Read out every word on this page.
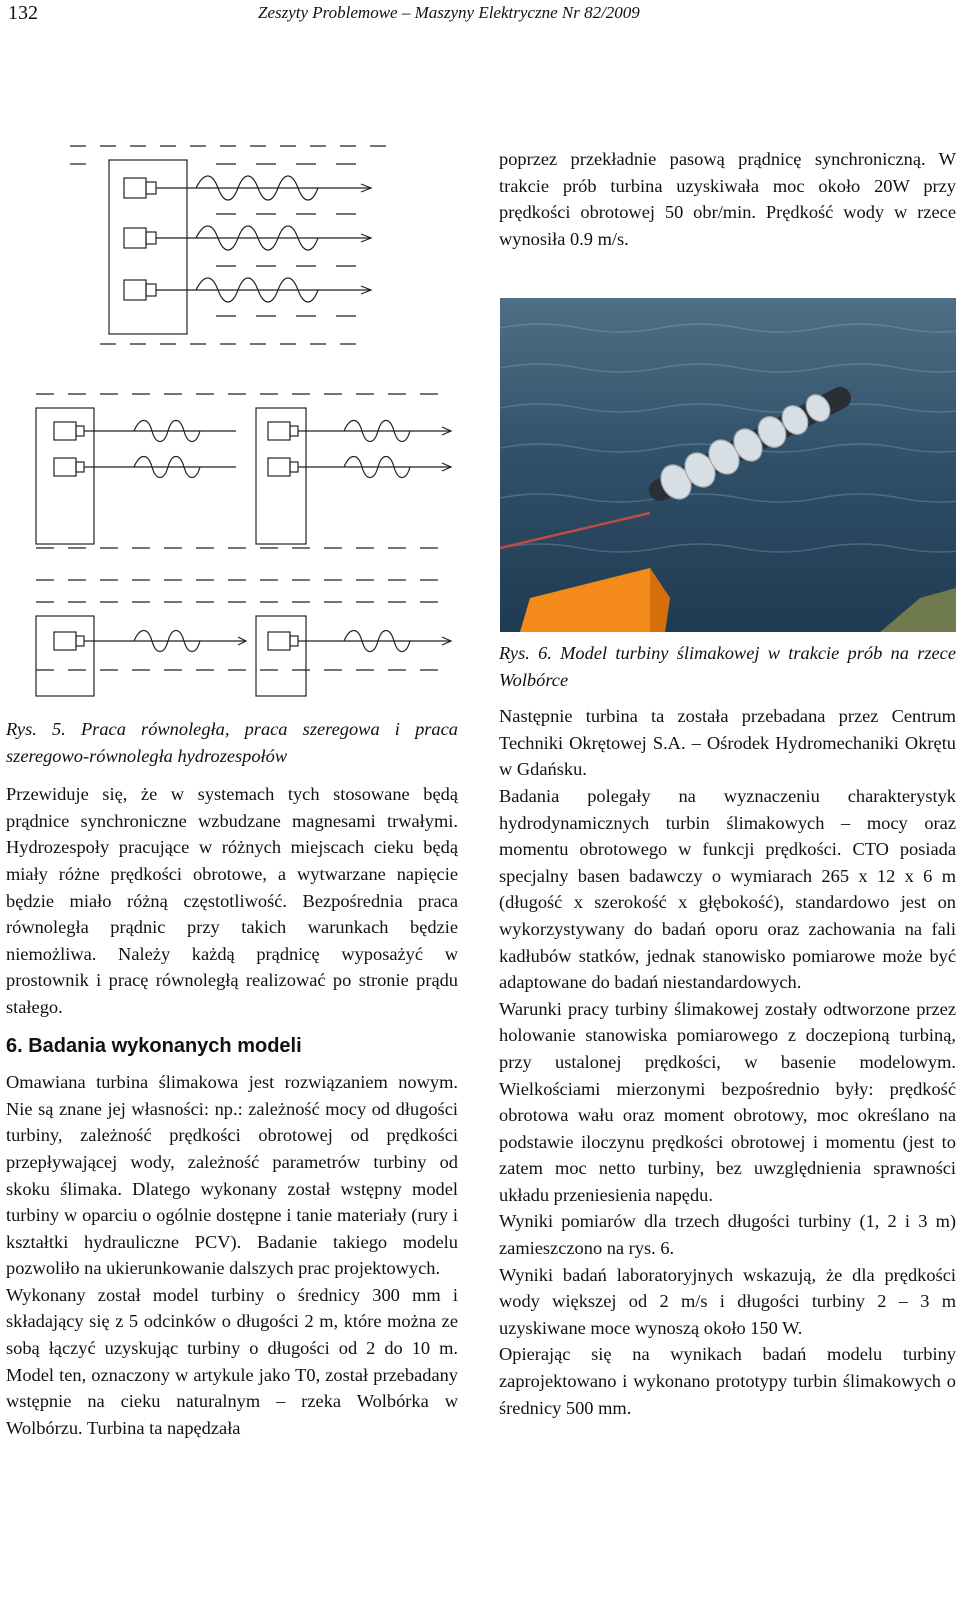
132	Zeszyty Problemowe – Maszyny Elektryczne Nr 82/2009

poprzez przekładnie pasową prądnicę synchroniczną. W trakcie prób turbina uzyskiwała moc około 20W przy prędkości obrotowej 50 obr/min. Prędkość wody w rzece wynosiła 0.9 m/s.

Rys. 6. Model turbiny ślimakowej w trakcie prób na rzece Wolbórce

Następnie turbina ta została przebadana przez Centrum Techniki Okrętowej S.A. – Ośrodek Hydromechaniki Okrętu w Gdańsku.

Badania polegały na wyznaczeniu charakterystyk hydrodynamicznych turbin ślimakowych – mocy oraz momentu obrotowego w funkcji prędkości. CTO posiada specjalny basen badawczy o wymiarach 265 x 12 x 6 m (długość x szerokość x głębokość), standardowo jest on wykorzystywany do badań oporu oraz zachowania na fali kadłubów statków, jednak stanowisko pomiarowe może być adaptowane do badań niestandardowych.

Warunki pracy turbiny ślimakowej zostały odtworzone przez holowanie stanowiska pomiarowego z doczepioną turbiną, przy ustalonej prędkości, w basenie modelowym. Wielkościami mierzonymi bezpośrednio były: prędkość obrotowa wału oraz moment obrotowy, moc określano na podstawie iloczynu prędkości obrotowej i momentu (jest to zatem moc netto turbiny, bez uwzględnienia sprawności układu przeniesienia napędu.

Wyniki pomiarów dla trzech długości turbiny (1, 2 i 3 m) zamieszczono na rys. 6.

Wyniki badań laboratoryjnych wskazują, że dla prędkości wody większej od 2 m/s i długości turbiny 2 – 3 m uzyskiwane moce wynoszą około 150 W.

Opierając się na wynikach badań modelu turbiny zaprojektowano i wykonano prototypy turbin ślimakowych o średnicy 500 mm.

Rys. 5. Praca równoległa, praca szeregowa i praca szeregowo-równoległa hydrozespołów

Przewiduje się, że w systemach tych stosowane będą prądnice synchroniczne wzbudzane magnesami trwałymi. Hydrozespoły pracujące w różnych miejscach cieku będą miały różne prędkości obrotowe, a wytwarzane napięcie będzie miało różną częstotliwość. Bezpośrednia praca równoległa prądnic przy takich warunkach będzie niemożliwa. Należy każdą prądnicę wyposażyć w prostownik i pracę równoległą realizować po stronie prądu stałego.

6. Badania wykonanych modeli

Omawiana turbina ślimakowa jest rozwiązaniem nowym. Nie są znane jej własności: np.: zależność mocy od długości turbiny, zależność prędkości obrotowej od prędkości przepływającej wody, zależność parametrów turbiny od skoku ślimaka. Dlatego wykonany został wstępny model turbiny w oparciu o ogólnie dostępne i tanie materiały (rury i kształtki hydrauliczne PCV). Badanie takiego modelu pozwoliło na ukierunkowanie dalszych prac projektowych.

Wykonany został model turbiny o średnicy 300 mm i składający się z 5 odcinków o długości 2 m, które można ze sobą łączyć uzyskując turbiny o długości od 2 do 10 m. Model ten, oznaczony w artykule jako T0, został przebadany wstępnie na cieku naturalnym – rzeka Wolbórka w Wolbórzu. Turbina ta napędzała
